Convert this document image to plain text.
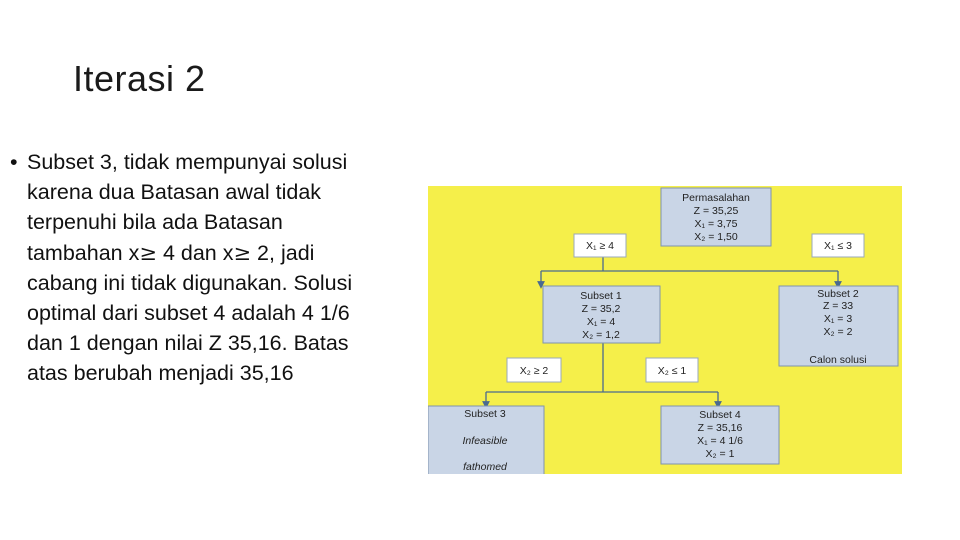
Iterasi 2
• Subset 3, tidak mempunyai solusi
karena dua Batasan awal tidak
terpenuhi bila ada Batasan
tambahan x≥ 4 dan x≥ 2, jadi
cabang ini tidak digunakan. Solusi
optimal dari subset 4 adalah 4 1/6
dan 1 dengan nilai Z 35,16. Batas
atas berubah menjadi 35,16
Permasalahan
Z = 35,25
X₁ = 3,75
X₂ = 1,50
X₁ ≥ 4	X₁ ≤ 3
Subset 1
Z = 35,2
X₁ = 4
X₂ = 1,2
Subset 2
Z = 33
X₁ = 3
X₂ = 2
Calon solusi
X₂ ≥ 2	X₂ ≤ 1
Subset 3
Infeasible
fathomed
Subset 4
Z = 35,16
X₁ = 4 1/6
X₂ = 1
